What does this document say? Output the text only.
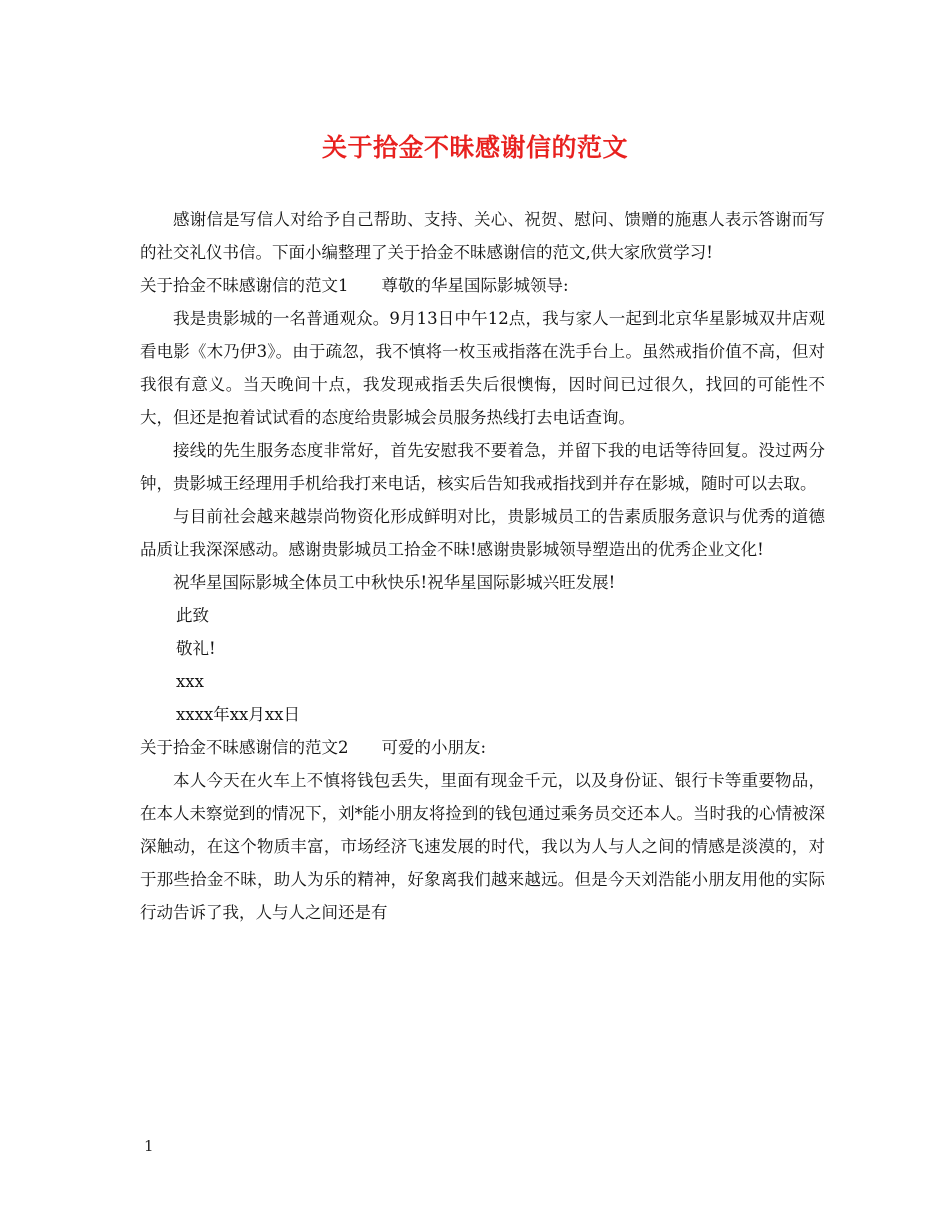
关于拾金不昧感谢信的范文

感谢信是写信人对给予自己帮助、支持、关心、祝贺、慰问、馈赠的施惠人表示答谢而写的社交礼仪书信。下面小编整理了关于拾金不昧感谢信的范文,供大家欣赏学习!

关于拾金不昧感谢信的范文1　　尊敬的华星国际影城领导:

我是贵影城的一名普通观众。9月13日中午12点，我与家人一起到北京华星影城双井店观看电影《木乃伊3》。由于疏忽，我不慎将一枚玉戒指落在洗手台上。虽然戒指价值不高，但对我很有意义。当天晚间十点，我发现戒指丢失后很懊悔，因时间已过很久，找回的可能性不大，但还是抱着试试看的态度给贵影城会员服务热线打去电话查询。

接线的先生服务态度非常好，首先安慰我不要着急，并留下我的电话等待回复。没过两分钟，贵影城王经理用手机给我打来电话，核实后告知我戒指找到并存在影城，随时可以去取。

与目前社会越来越崇尚物资化形成鲜明对比，贵影城员工的告素质服务意识与优秀的道德品质让我深深感动。感谢贵影城员工拾金不昧!感谢贵影城领导塑造出的优秀企业文化!

祝华星国际影城全体员工中秋快乐!祝华星国际影城兴旺发展!

此致

敬礼!

xxx

xxxx年xx月xx日

关于拾金不昧感谢信的范文2　　可爱的小朋友:

本人今天在火车上不慎将钱包丢失，里面有现金千元，以及身份证、银行卡等重要物品，在本人未察觉到的情况下，刘*能小朋友将捡到的钱包通过乘务员交还本人。当时我的心情被深深触动，在这个物质丰富，市场经济飞速发展的时代，我以为人与人之间的情感是淡漠的，对于那些拾金不昧，助人为乐的精神，好象离我们越来越远。但是今天刘浩能小朋友用他的实际行动告诉了我，人与人之间还是有

1
